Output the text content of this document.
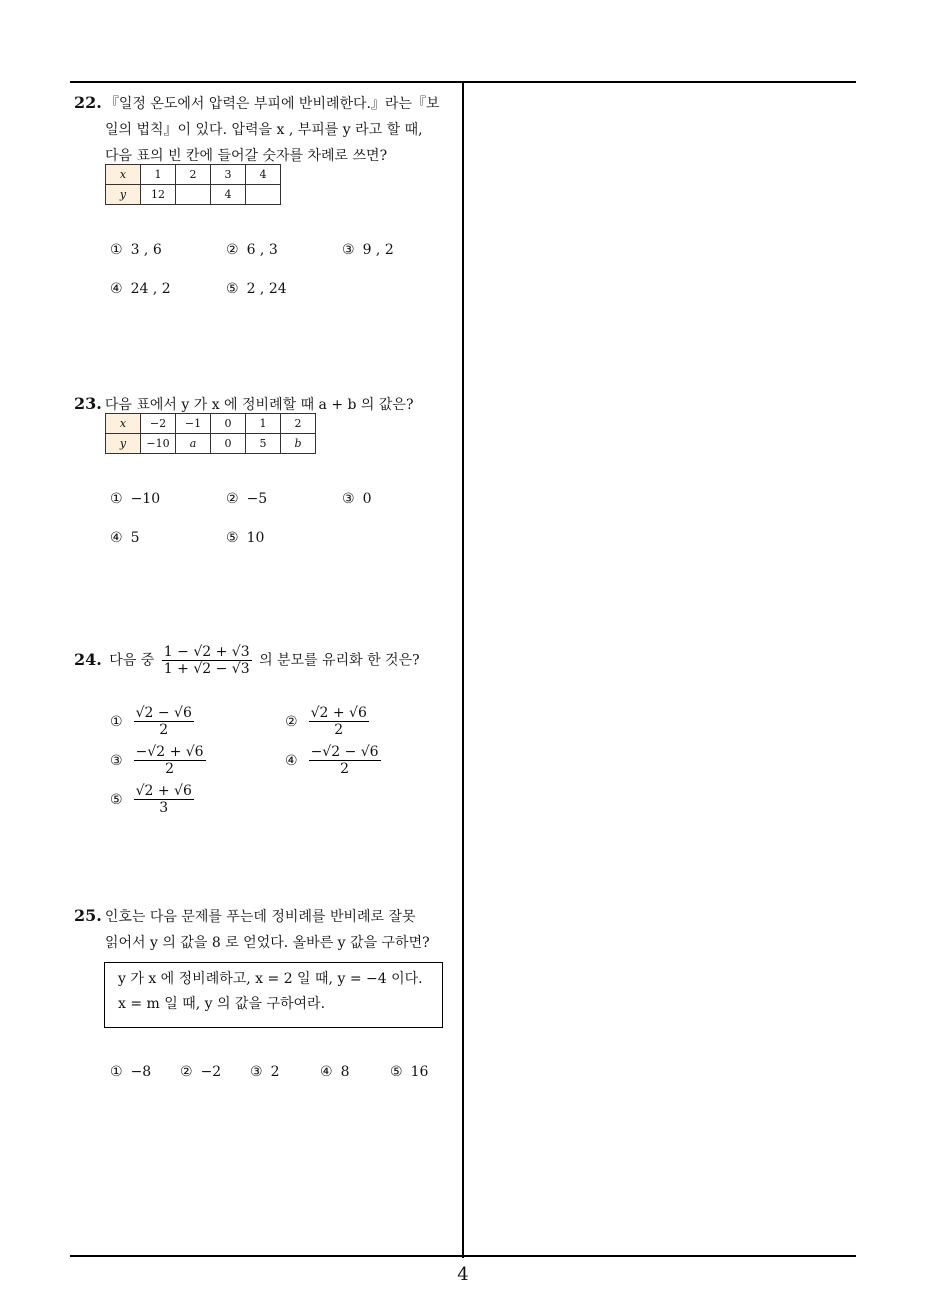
22. 『일정 온도에서 압력은 부피에 반비례한다.』라는『보
일의 법칙』이 있다. 압력을 x , 부피를 y 라고 할 때,
다음 표의 빈 칸에 들어갈 숫자를 차례로 쓰면?
x	1	2	3	4
y	12		4	
① 3 , 6	② 6 , 3	③ 9 , 2
④ 24 , 2	⑤ 2 , 24
23. 다음 표에서 y 가 x 에 정비례할 때 a + b 의 값은?
x	−2	−1	0	1	2
y	−10	a	0	5	b
① −10	② −5	③ 0
④ 5	⑤ 10
24. 다음 중 $\frac{1 - √2 + √3}{1 + √2 - √3}$ 의 분모를 유리화 한 것은?
① $\frac{√2 - √6}{2}$	② $\frac{√2 + √6}{2}$
③ $\frac{-√2 + √6}{2}$	④ $\frac{-√2 - √6}{2}$
⑤ $\frac{√2 + √6}{3}$
25. 인호는 다음 문제를 푸는데 정비례를 반비례로 잘못
읽어서 y 의 값을 8 로 얻었다. 올바른 y 값을 구하면?
y 가 x 에 정비례하고, x = 2 일 때, y = −4 이다.
x = m 일 때, y 의 값을 구하여라.
① −8 ② −2 ③ 2	④ 8	⑤ 16
4
